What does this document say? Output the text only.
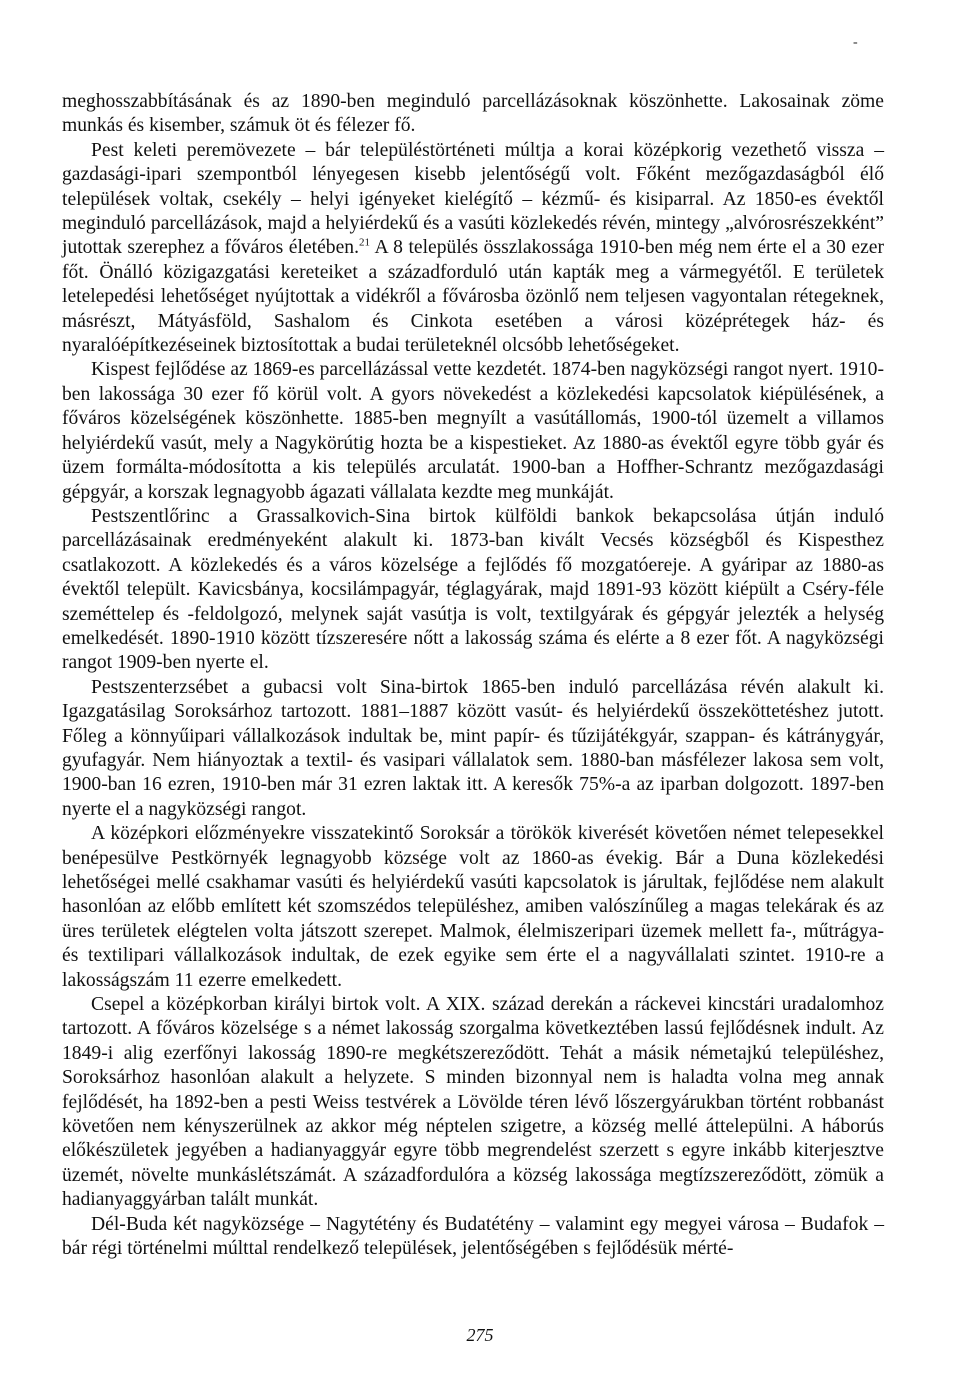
-

meghosszabbításának és az 1890-ben meginduló parcellázásoknak köszönhette. Lakosainak zöme munkás és kisember, számuk öt és félezer fő.

Pest keleti peremövezete – bár településtörténeti múltja a korai középkorig vezethető vissza – gazdasági-ipari szempontból lényegesen kisebb jelentőségű volt. Főként mezőgazdaságból élő települések voltak, csekély – helyi igényeket kielégítő – kézmű- és kisiparral. Az 1850-es évektől meginduló parcellázások, majd a helyiérdekű és a vasúti közlekedés révén, mintegy „alvórosrészekként” jutottak szerephez a főváros életében.$^{21}$ A 8 település összlakossága 1910-ben még nem érte el a 30 ezer főt. Önálló közigazgatási kereteiket a századforduló után kapták meg a vármegyétől. E területek letelepedési lehetőséget nyújtottak a vidékről a fővárosba özönlő nem teljesen vagyontalan rétegeknek, másrészt, Mátyásföld, Sashalom és Cinkota esetében a városi középrétegek ház- és nyaralóépítkezéseinek biztosítottak a budai területeknél olcsóbb lehetőségeket.

Kispest fejlődése az 1869-es parcellázással vette kezdetét. 1874-ben nagyközségi rangot nyert. 1910-ben lakossága 30 ezer fő körül volt. A gyors növekedést a közlekedési kapcsolatok kiépülésének, a főváros közelségének köszönhette. 1885-ben megnyílt a vasútállomás, 1900-tól üzemelt a villamos helyiérdekű vasút, mely a Nagykörútig hozta be a kispestieket. Az 1880-as évektől egyre több gyár és üzem formálta-módosította a kis település arculatát. 1900-ban a Hoffher-Schrantz mezőgazdasági gépgyár, a korszak legnagyobb ágazati vállalata kezdte meg munkáját.

Pestszentlőrinc a Grassalkovich-Sina birtok külföldi bankok bekapcsolása útján induló parcellázásainak eredményeként alakult ki. 1873-ban kivált Vecsés községből és Kispesthez csatlakozott. A közlekedés és a város közelsége a fejlődés fő mozgatóereje. A gyáripar az 1880-as évektől települt. Kavicsbánya, kocsilámpagyár, téglagyárak, majd 1891-93 között kiépült a Cséry-féle szeméttelep és -feldolgozó, melynek saját vasútja is volt, textilgyárak és gépgyár jelezték a helység emelkedését. 1890-1910 között tízszeresére nőtt a lakosság száma és elérte a 8 ezer főt. A nagyközségi rangot 1909-ben nyerte el.

Pestszenterzsébet a gubacsi volt Sina-birtok 1865-ben induló parcellázása révén alakult ki. Igazgatásilag Soroksárhoz tartozott. 1881–1887 között vasút- és helyiérdekű összeköttetéshez jutott. Főleg a könnyűipari vállalkozások indultak be, mint papír- és tűzijátékgyár, szappan- és kátránygyár, gyufagyár. Nem hiányoztak a textil- és vasipari vállalatok sem. 1880-ban másfélezer lakosa sem volt, 1900-ban 16 ezren, 1910-ben már 31 ezren laktak itt. A keresők 75%-a az iparban dolgozott. 1897-ben nyerte el a nagyközségi rangot.

A középkori előzményekre visszatekintő Soroksár a törökök kiverését követően német telepesekkel benépesülve Pestkörnyék legnagyobb községe volt az 1860-as évekig. Bár a Duna közlekedési lehetőségei mellé csakhamar vasúti és helyiérdekű vasúti kapcsolatok is járultak, fejlődése nem alakult hasonlóan az előbb említett két szomszédos településhez, amiben valószínűleg a magas telekárak és az üres területek elégtelen volta játszott szerepet. Malmok, élelmiszeripari üzemek mellett fa-, műtrágya- és textilipari vállalkozások indultak, de ezek egyike sem érte el a nagyvállalati szintet. 1910-re a lakosságszám 11 ezerre emelkedett.

Csepel a középkorban királyi birtok volt. A XIX. század derekán a ráckevei kincstári uradalomhoz tartozott. A főváros közelsége s a német lakosság szorgalma következtében lassú fejlődésnek indult. Az 1849-i alig ezerfőnyi lakosság 1890-re megkétszereződött. Tehát a másik németajkú településhez, Soroksárhoz hasonlóan alakult a helyzete. S minden bizonnyal nem is haladta volna meg annak fejlődését, ha 1892-ben a pesti Weiss testvérek a Lövölde téren lévő lőszergyárukban történt robbanást követően nem kényszerülnek az akkor még néptelen szigetre, a község mellé áttelepülni. A háborús előkészületek jegyében a hadianyaggyár egyre több megrendelést szerzett s egyre inkább kiterjesztve üzemét, növelte munkáslétszámát. A századfordulóra a község lakossága megtízszereződött, zömük a hadianyaggyárban talált munkát.

Dél-Buda két nagyközsége – Nagytétény és Budatétény – valamint egy megyei városa – Budafok – bár régi történelmi múlttal rendelkező települések, jelentőségében s fejlődésük mérté-

275
